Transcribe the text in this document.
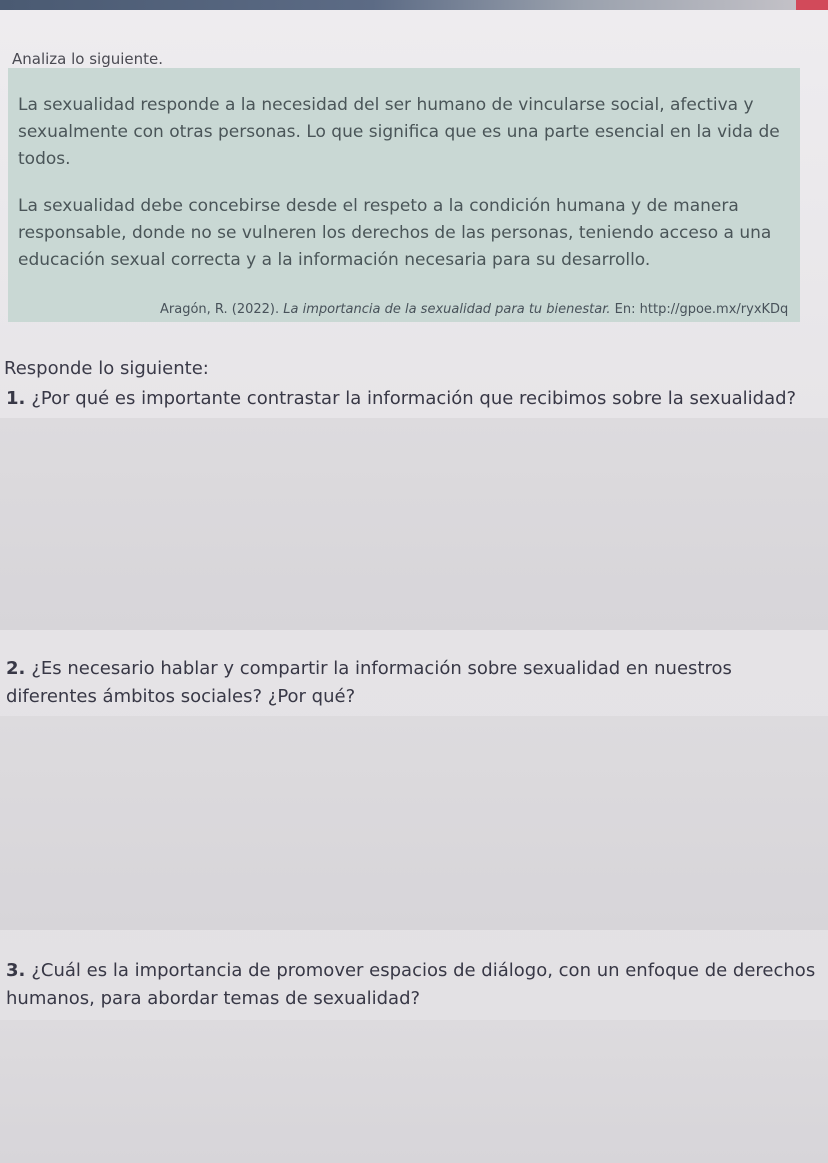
Analiza lo siguiente.
La sexualidad responde a la necesidad del ser humano de vincularse social, afectiva y sexualmente con otras personas. Lo que significa que es una parte esencial en la vida de todos.
La sexualidad debe concebirse desde el respeto a la condición humana y de manera responsable, donde no se vulneren los derechos de las personas, teniendo acceso a una educación sexual correcta y a la información necesaria para su desarrollo.
Aragón, R. (2022). La importancia de la sexualidad para tu bienestar. En: http://gpoe.mx/ryxKDq
Responde lo siguiente:
1. ¿Por qué es importante contrastar la información que recibimos sobre la sexualidad?
2. ¿Es necesario hablar y compartir la información sobre sexualidad en nuestros diferentes ámbitos sociales? ¿Por qué?
3. ¿Cuál es la importancia de promover espacios de diálogo, con un enfoque de derechos humanos, para abordar temas de sexualidad?
